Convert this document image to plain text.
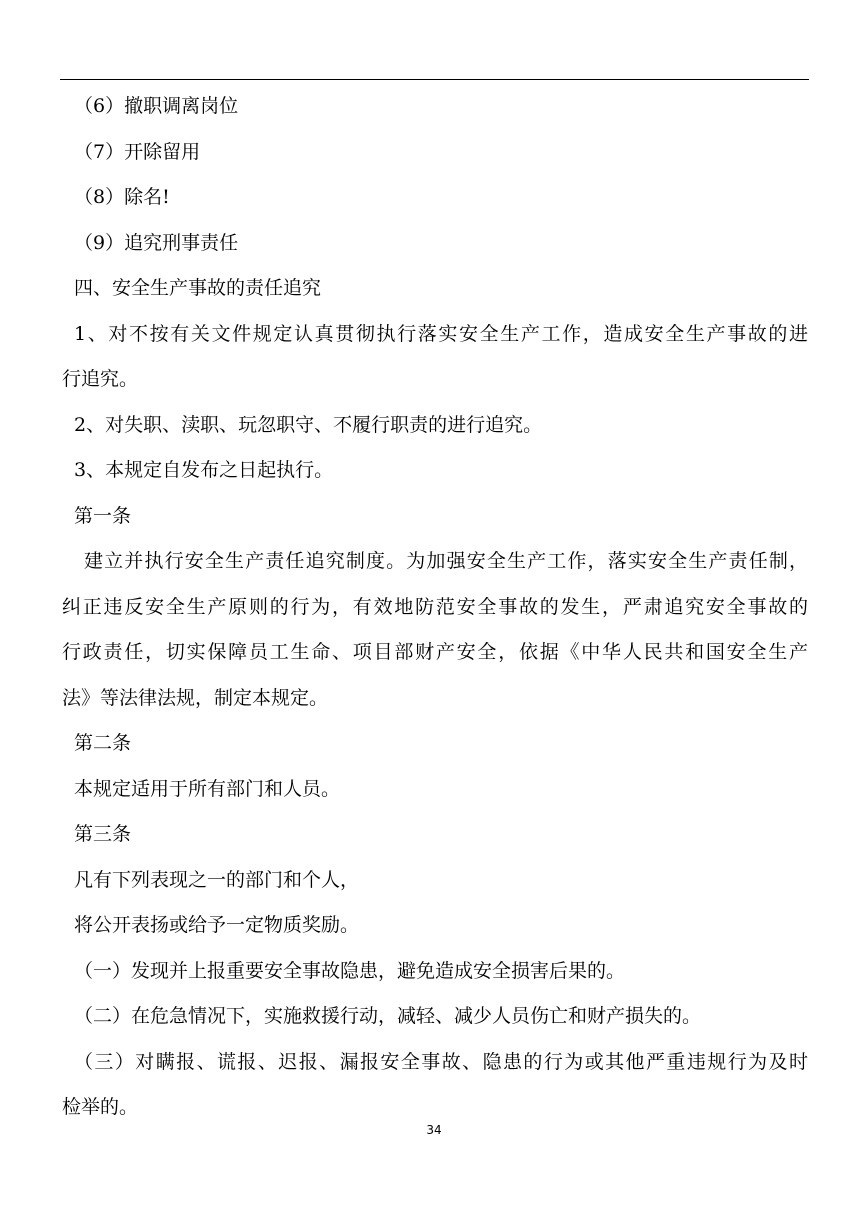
（6）撤职调离岗位
（7）开除留用
（8）除名!
（9）追究刑事责任
四、安全生产事故的责任追究
1、对不按有关文件规定认真贯彻执行落实安全生产工作，造成安全生产事故的进
行追究。
2、对失职、渎职、玩忽职守、不履行职责的进行追究。
3、本规定自发布之日起执行。
第一条
建立并执行安全生产责任追究制度。为加强安全生产工作，落实安全生产责任制，
纠正违反安全生产原则的行为，有效地防范安全事故的发生，严肃追究安全事故的
行政责任，切实保障员工生命、项目部财产安全，依据《中华人民共和国安全生产
法》等法律法规，制定本规定。
第二条
本规定适用于所有部门和人员。
第三条
凡有下列表现之一的部门和个人，
将公开表扬或给予一定物质奖励。
（一）发现并上报重要安全事故隐患，避免造成安全损害后果的。
（二）在危急情况下，实施救援行动，减轻、减少人员伤亡和财产损失的。
（三）对瞒报、谎报、迟报、漏报安全事故、隐患的行为或其他严重违规行为及时
检举的。
34
